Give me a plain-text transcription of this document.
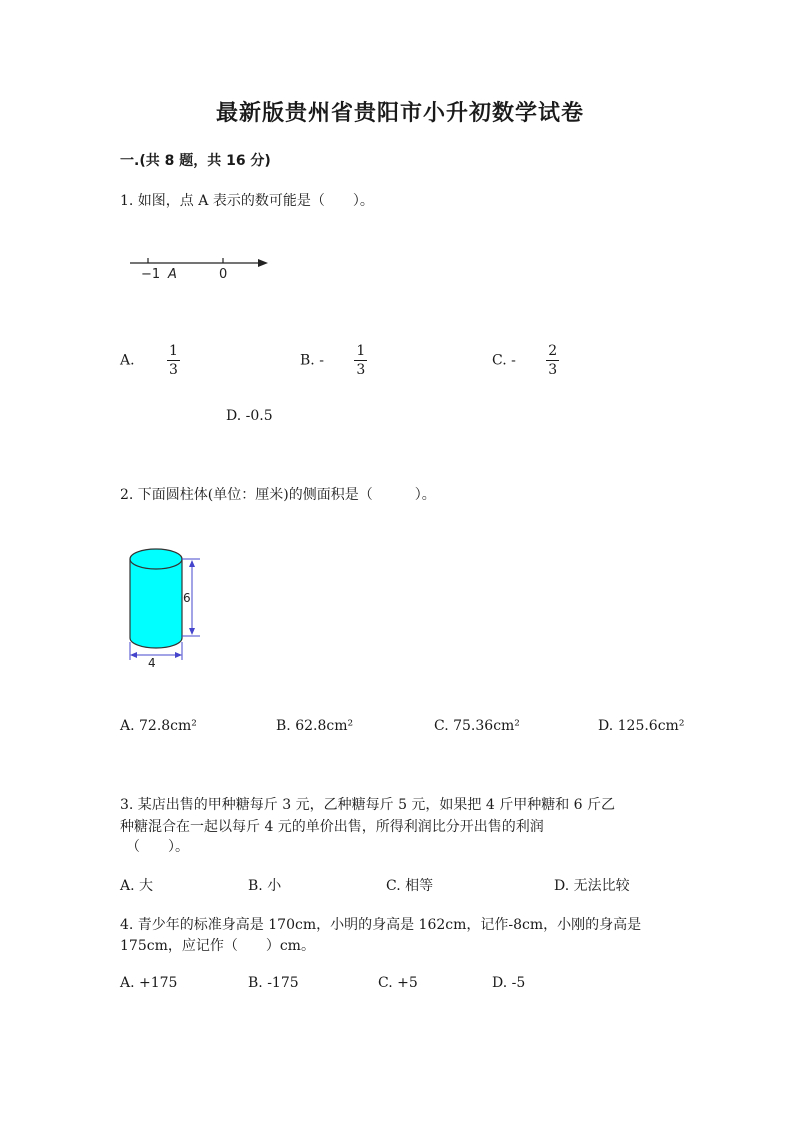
最新版贵州省贵阳市小升初数学试卷
一.(共 8 题，共 16 分)
1. 如图，点 A 表示的数可能是（　　）。
−1 A	0
A. $\frac{1}{3}$	B. - $\frac{1}{3}$	C. - $\frac{2}{3}$
D. -0.5
2. 下面圆柱体(单位：厘米)的侧面积是（　　　）。
6
4
A. 72.8cm²	B. 62.8cm²	C. 75.36cm²	D. 125.6cm²
3. 某店出售的甲种糖每斤 3 元，乙种糖每斤 5 元，如果把 4 斤甲种糖和 6 斤乙
种糖混合在一起以每斤 4 元的单价出售，所得利润比分开出售的利润
（　　）。
A. 大	B. 小	C. 相等	D. 无法比较
4. 青少年的标准身高是 170cm，小明的身高是 162cm，记作-8cm，小刚的身高是
175cm，应记作（　　）cm。
A. +175	B. -175	C. +5	D. -5
